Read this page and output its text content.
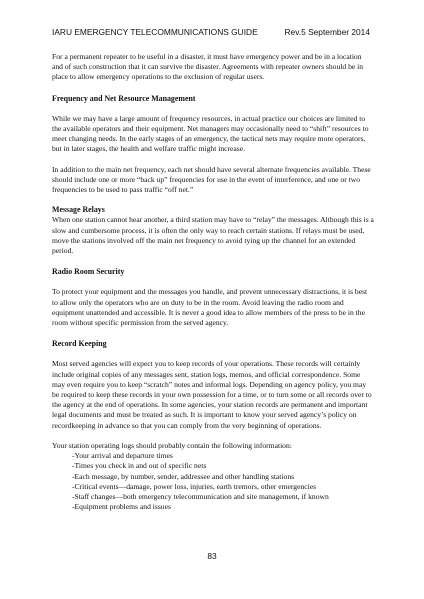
IARU EMERGENCY TELECOMMUNICATIONS GUIDE	Rev.5 September 2014

For a permanent repeater to be useful in a disaster, it must have emergency power and be in a location and of such construction that it can survive the disaster. Agreements with repeater owners should be in place to allow emergency operations to the exclusion of regular users.

Frequency and Net Resource Management

While we may have a large amount of frequency resources, in actual practice our choices are limited to the available operators and their equipment. Net managers may occasionally need to “shift” resources to meet changing needs. In the early stages of an emergency, the tactical nets may require more operators, but in later stages, the health and welfare traffic might increase.

In addition to the main net frequency, each net should have several alternate frequencies available. These should include one or more “back up” frequencies for use in the event of interference, and one or two frequencies to be used to pass traffic “off net.”

Message Relays

When one station cannot hear another, a third station may have to “relay” the messages. Although this is a slow and cumbersome process, it is often the only way to reach certain stations. If relays must be used, move the stations involved off the main net frequency to avoid tying up the channel for an extended period.

Radio Room Security

To protect your equipment and the messages you handle, and prevent unnecessary distractions, it is best to allow only the operators who are on duty to be in the room. Avoid leaving the radio room and equipment unattended and accessible. It is never a good idea to allow members of the press to be in the room without specific permission from the served agency.

Record Keeping

Most served agencies will expect you to keep records of your operations. These records will certainly include original copies of any messages sent, station logs, memos, and official correspondence. Some may even require you to keep “scratch” notes and informal logs. Depending on agency policy, you may be required to keep these records in your own possession for a time, or to turn some or all records over to the agency at the end of operations. In some agencies, your station records are permanent and important legal documents and must be treated as such. It is important to know your served agency’s policy on recordkeeping in advance so that you can comply from the very beginning of operations.

Your station operating logs should probably contain the following information:

-Your arrival and departure times
-Times you check in and out of specific nets
-Each message, by number, sender, addressee and other handling stations
-Critical events—damage, power loss, injuries, earth tremors, other emergencies
-Staff changes—both emergency telecommunication and site management, if known
-Equipment problems and issues
83
